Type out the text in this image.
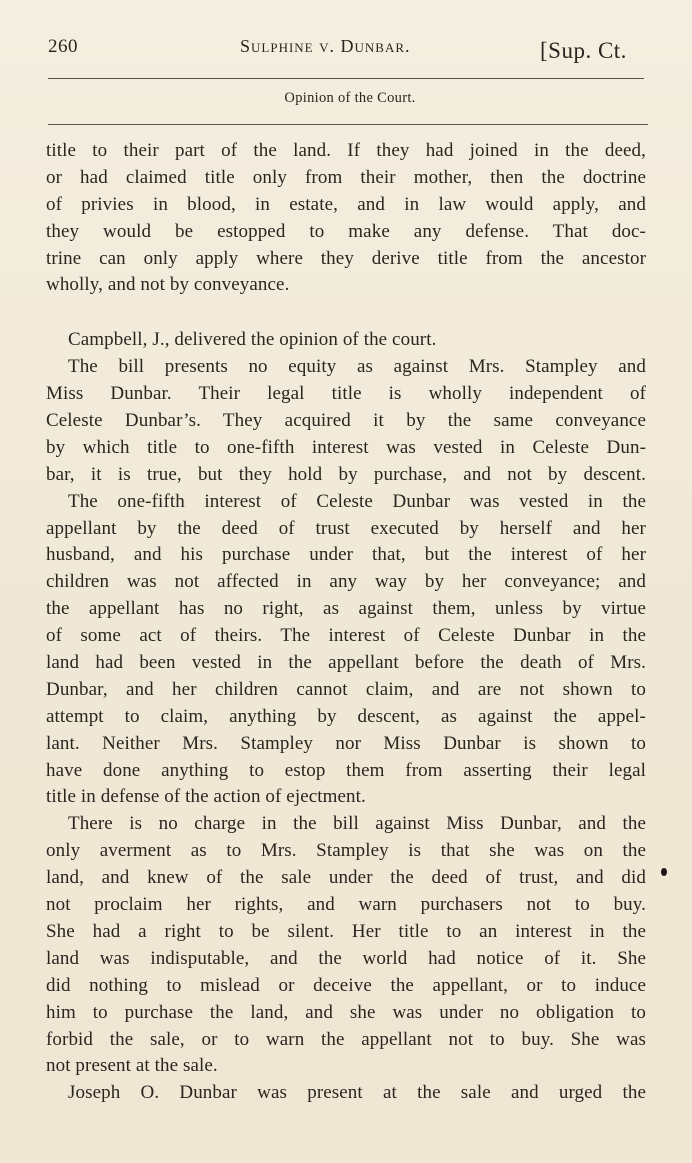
260	Sulphine v. Dunbar.	[Sup. Ct.
Opinion of the Court.
title to their part of the land. If they had joined in the deed,
or had claimed title only from their mother, then the doctrine
of privies in blood, in estate, and in law would apply, and
they would be estopped to make any defense. That doc-
trine can only apply where they derive title from the ancestor
wholly, and not by conveyance.
Campbell, J., delivered the opinion of the court.
The bill presents no equity as against Mrs. Stampley and
Miss Dunbar. Their legal title is wholly independent of
Celeste Dunbar’s. They acquired it by the same conveyance
by which title to one-fifth interest was vested in Celeste Dun-
bar, it is true, but they hold by purchase, and not by descent.
The one-fifth interest of Celeste Dunbar was vested in the
appellant by the deed of trust executed by herself and her
husband, and his purchase under that, but the interest of her
children was not affected in any way by her conveyance; and
the appellant has no right, as against them, unless by virtue
of some act of theirs. The interest of Celeste Dunbar in the
land had been vested in the appellant before the death of Mrs.
Dunbar, and her children cannot claim, and are not shown to
attempt to claim, anything by descent, as against the appel-
lant. Neither Mrs. Stampley nor Miss Dunbar is shown to
have done anything to estop them from asserting their legal
title in defense of the action of ejectment.
There is no charge in the bill against Miss Dunbar, and the
only averment as to Mrs. Stampley is that she was on the
land, and knew of the sale under the deed of trust, and did
not proclaim her rights, and warn purchasers not to buy.
She had a right to be silent. Her title to an interest in the
land was indisputable, and the world had notice of it. She
did nothing to mislead or deceive the appellant, or to induce
him to purchase the land, and she was under no obligation to
forbid the sale, or to warn the appellant not to buy. She was
not present at the sale.
Joseph O. Dunbar was present at the sale and urged the
